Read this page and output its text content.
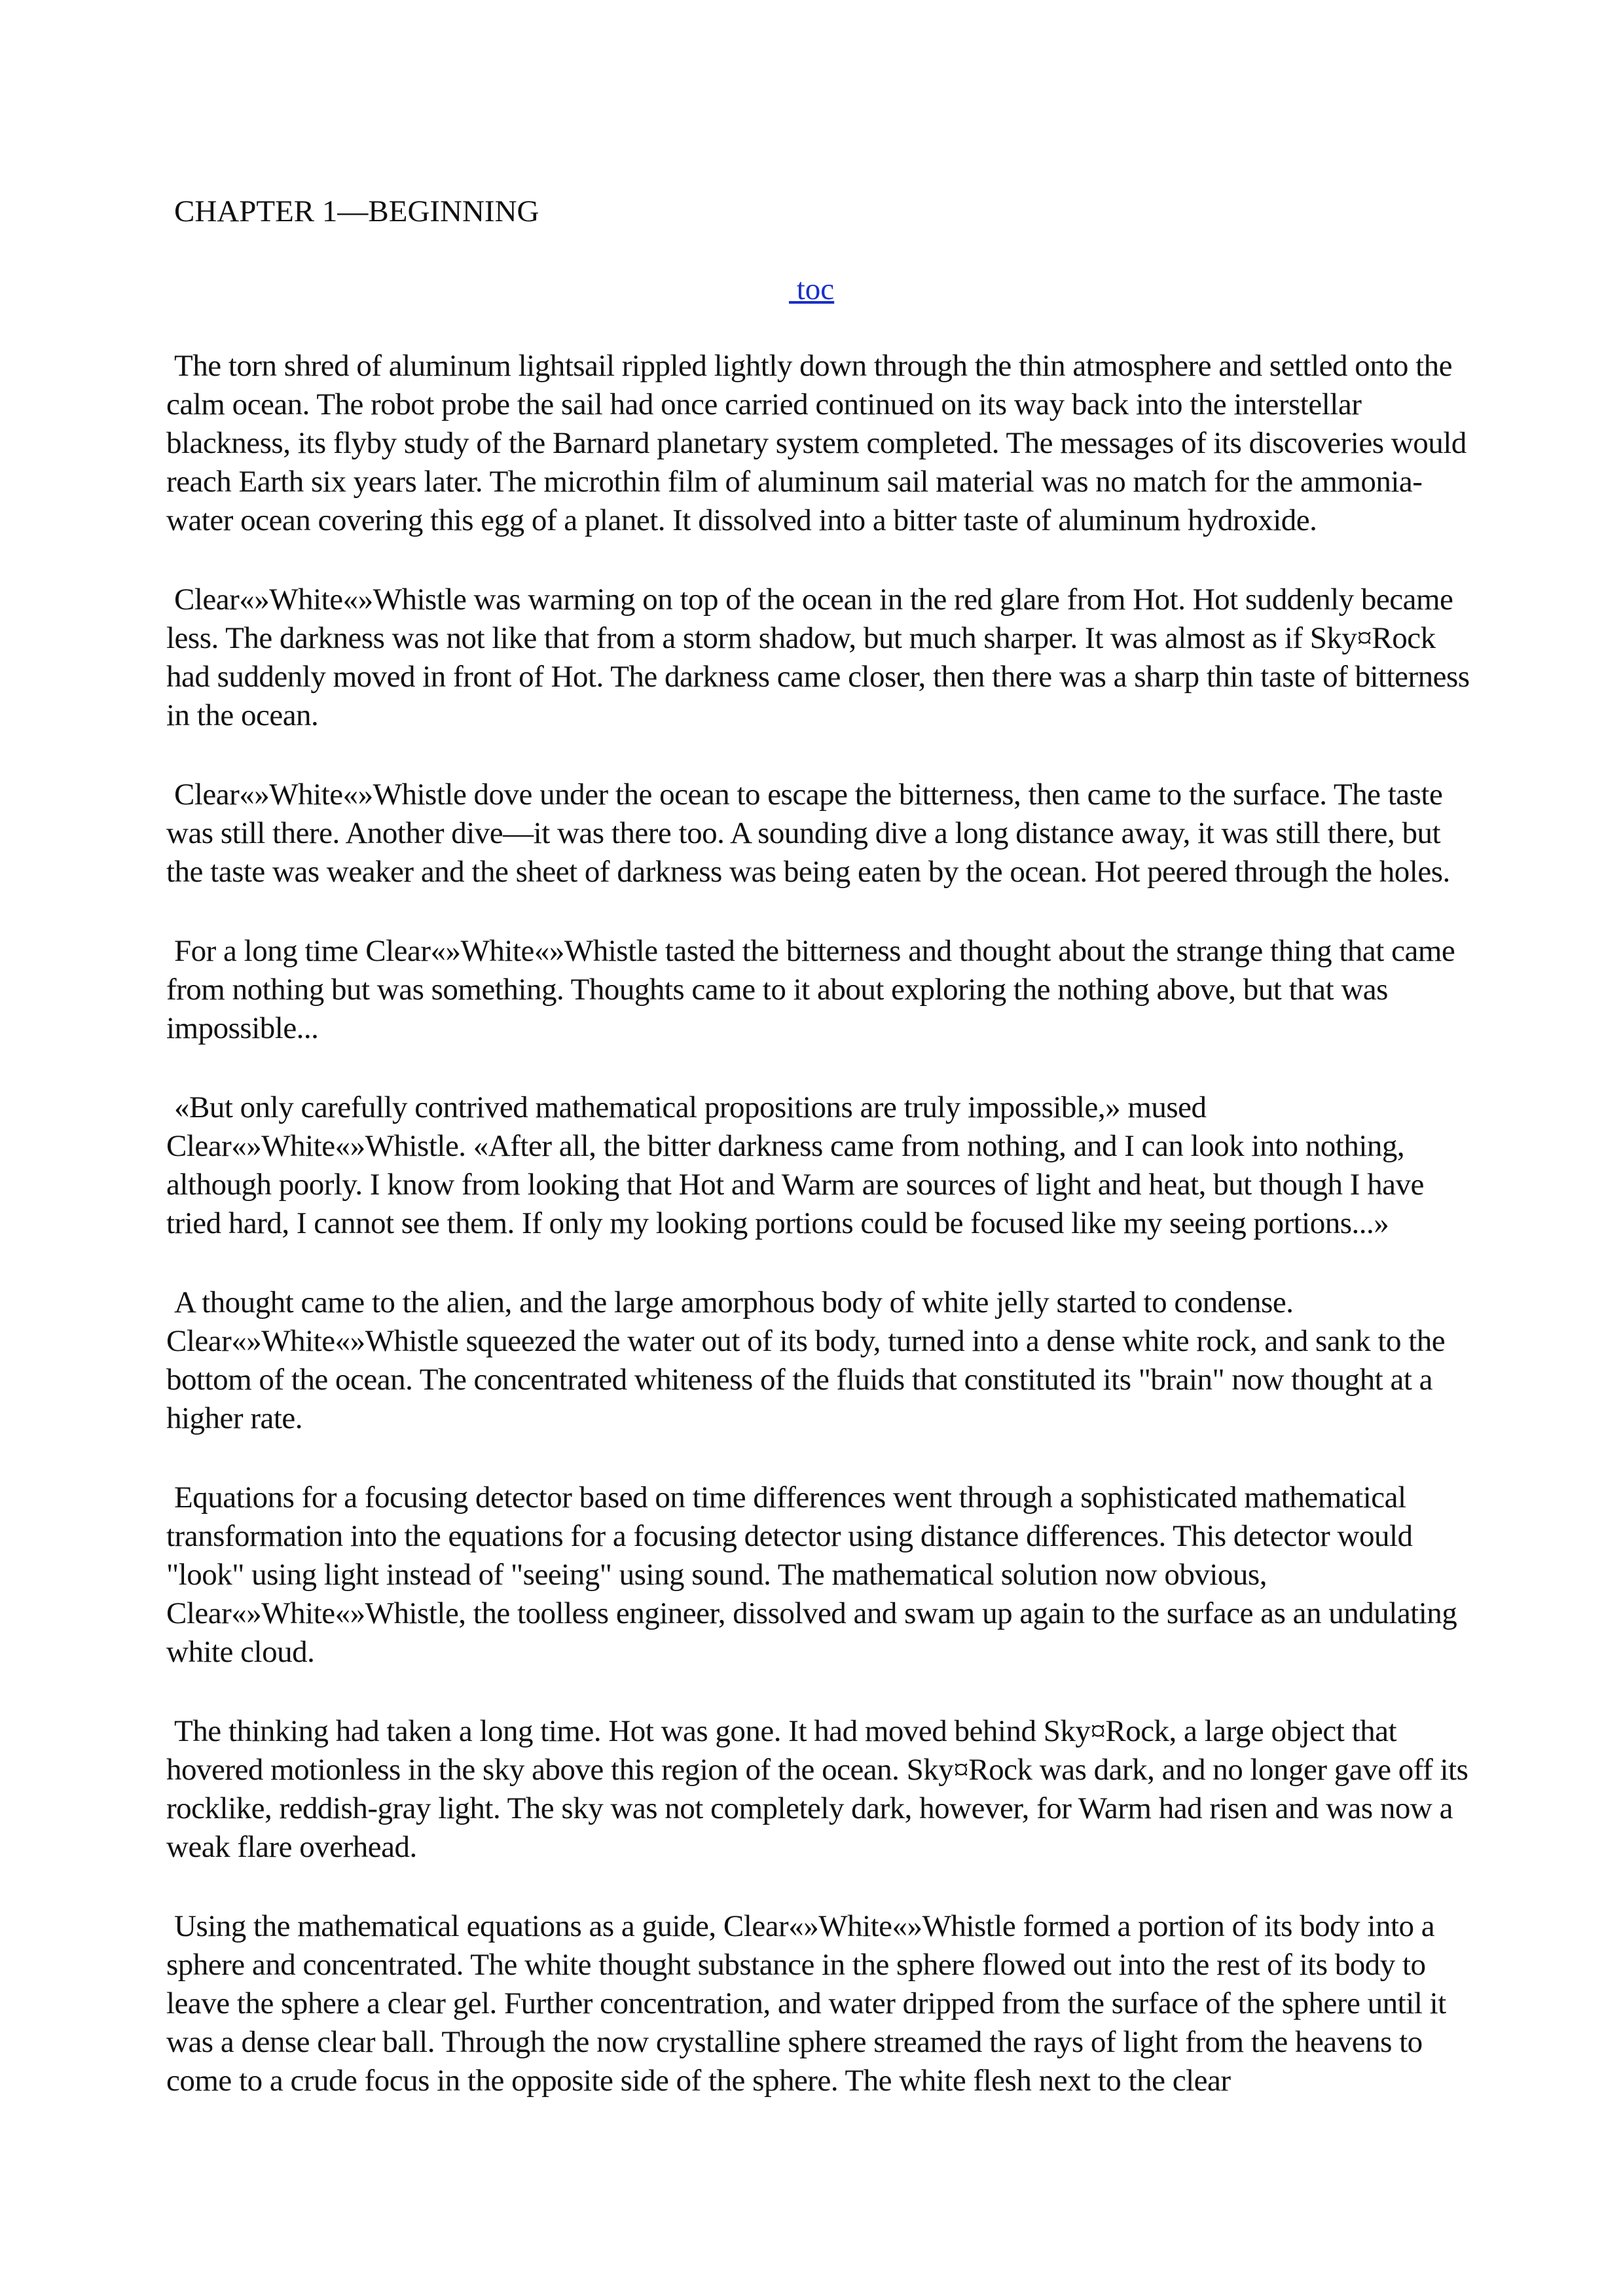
CHAPTER 1—BEGINNING
toc

The torn shred of aluminum lightsail rippled lightly down through the thin atmosphere and settled onto the calm ocean. The robot probe the sail had once carried continued on its way back into the interstellar blackness, its flyby study of the Barnard planetary system completed. The messages of its discoveries would reach Earth six years later. The microthin film of aluminum sail material was no match for the ammonia-water ocean covering this egg of a planet. It dissolved into a bitter taste of aluminum hydroxide.

Clear«»White«»Whistle was warming on top of the ocean in the red glare from Hot. Hot suddenly became less. The darkness was not like that from a storm shadow, but much sharper. It was almost as if Sky¤Rock had suddenly moved in front of Hot. The darkness came closer, then there was a sharp thin taste of bitterness in the ocean.

Clear«»White«»Whistle dove under the ocean to escape the bitterness, then came to the surface. The taste was still there. Another dive—it was there too. A sounding dive a long distance away, it was still there, but the taste was weaker and the sheet of darkness was being eaten by the ocean. Hot peered through the holes.

For a long time Clear«»White«»Whistle tasted the bitterness and thought about the strange thing that came from nothing but was something. Thoughts came to it about exploring the nothing above, but that was impossible...

«But only carefully contrived mathematical propositions are truly impossible,» mused Clear«»White«»Whistle. «After all, the bitter darkness came from nothing, and I can look into nothing, although poorly. I know from looking that Hot and Warm are sources of light and heat, but though I have tried hard, I cannot see them. If only my looking portions could be focused like my seeing portions...»

A thought came to the alien, and the large amorphous body of white jelly started to condense. Clear«»White«»Whistle squeezed the water out of its body, turned into a dense white rock, and sank to the bottom of the ocean. The concentrated whiteness of the fluids that constituted its "brain" now thought at a higher rate.

Equations for a focusing detector based on time differences went through a sophisticated mathematical transformation into the equations for a focusing detector using distance differences. This detector would "look" using light instead of "seeing" using sound. The mathematical solution now obvious, Clear«»White«»Whistle, the toolless engineer, dissolved and swam up again to the surface as an undulating white cloud.

The thinking had taken a long time. Hot was gone. It had moved behind Sky¤Rock, a large object that hovered motionless in the sky above this region of the ocean. Sky¤Rock was dark, and no longer gave off its rocklike, reddish-gray light. The sky was not completely dark, however, for Warm had risen and was now a weak flare overhead.

Using the mathematical equations as a guide, Clear«»White«»Whistle formed a portion of its body into a sphere and concentrated. The white thought substance in the sphere flowed out into the rest of its body to leave the sphere a clear gel. Further concentration, and water dripped from the surface of the sphere until it was a dense clear ball. Through the now crystalline sphere streamed the rays of light from the heavens to come to a crude focus in the opposite side of the sphere. The white flesh next to the clear
